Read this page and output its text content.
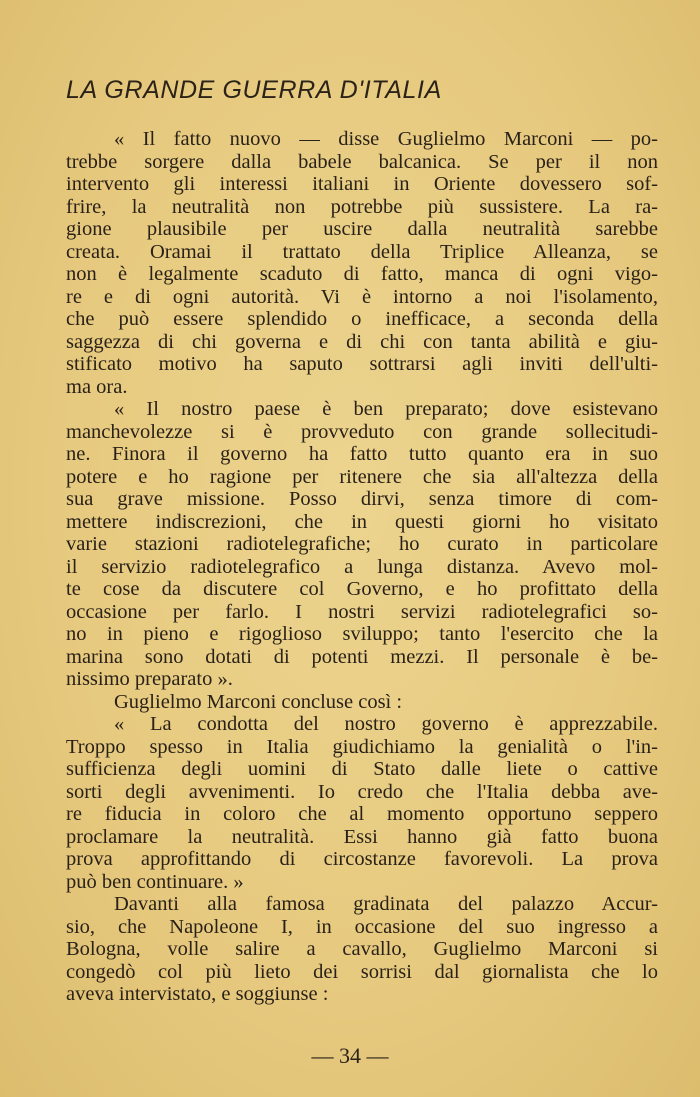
LA GRANDE GUERRA D'ITALIA
« Il fatto nuovo — disse Guglielmo Marconi — po-
trebbe sorgere dalla babele balcanica. Se per il non
intervento gli interessi italiani in Oriente dovessero sof-
frire, la neutralità non potrebbe più sussistere. La ra-
gione plausibile per uscire dalla neutralità sarebbe
creata. Oramai il trattato della Triplice Alleanza, se
non è legalmente scaduto di fatto, manca di ogni vigo-
re e di ogni autorità. Vi è intorno a noi l'isolamento,
che può essere splendido o inefficace, a seconda della
saggezza di chi governa e di chi con tanta abilità e giu-
stificato motivo ha saputo sottrarsi agli inviti dell'ulti-
ma ora.
« Il nostro paese è ben preparato; dove esistevano
manchevolezze si è provveduto con grande sollecitudi-
ne. Finora il governo ha fatto tutto quanto era in suo
potere e ho ragione per ritenere che sia all'altezza della
sua grave missione. Posso dirvi, senza timore di com-
mettere indiscrezioni, che in questi giorni ho visitato
varie stazioni radiotelegrafiche; ho curato in particolare
il servizio radiotelegrafico a lunga distanza. Avevo mol-
te cose da discutere col Governo, e ho profittato della
occasione per farlo. I nostri servizi radiotelegrafici so-
no in pieno e rigoglioso sviluppo; tanto l'esercito che la
marina sono dotati di potenti mezzi. Il personale è be-
nissimo preparato ».
Guglielmo Marconi concluse così :
« La condotta del nostro governo è apprezzabile.
Troppo spesso in Italia giudichiamo la genialità o l'in-
sufficienza degli uomini di Stato dalle liete o cattive
sorti degli avvenimenti. Io credo che l'Italia debba ave-
re fiducia in coloro che al momento opportuno seppero
proclamare la neutralità. Essi hanno già fatto buona
prova approfittando di circostanze favorevoli. La prova
può ben continuare. »
Davanti alla famosa gradinata del palazzo Accur-
sio, che Napoleone I, in occasione del suo ingresso a
Bologna, volle salire a cavallo, Guglielmo Marconi si
congedò col più lieto dei sorrisi dal giornalista che lo
aveva intervistato, e soggiunse :
— 34 —
